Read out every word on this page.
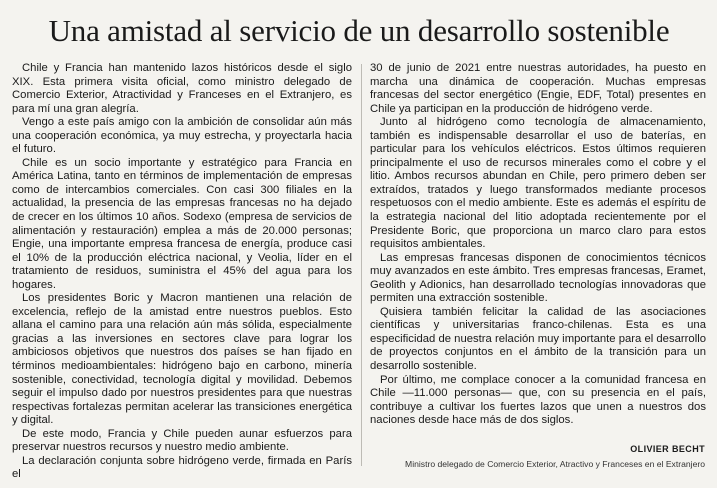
Una amistad al servicio de un desarrollo sostenible

Chile y Francia han mantenido lazos históricos desde el siglo XIX. Esta primera visita oficial, como ministro delegado de Comercio Exterior, Atractividad y Franceses en el Extranjero, es para mí una gran alegría.

Vengo a este país amigo con la ambición de consolidar aún más una cooperación económica, ya muy estrecha, y proyectarla hacia el futuro.

Chile es un socio importante y estratégico para Francia en América Latina, tanto en términos de implementación de empresas como de intercambios comerciales. Con casi 300 filiales en la actualidad, la presencia de las empresas francesas no ha dejado de crecer en los últimos 10 años. Sodexo (empresa de servicios de alimentación y restauración) emplea a más de 20.000 personas; Engie, una importante empresa francesa de energía, produce casi el 10% de la producción eléctrica nacional, y Veolia, líder en el tratamiento de residuos, suministra el 45% del agua para los hogares.

Los presidentes Boric y Macron mantienen una relación de excelencia, reflejo de la amistad entre nuestros pueblos. Esto allana el camino para una relación aún más sólida, especialmente gracias a las inversiones en sectores clave para lograr los ambiciosos objetivos que nuestros dos países se han fijado en términos medioambientales: hidrógeno bajo en carbono, minería sostenible, conectividad, tecnología digital y movilidad. Debemos seguir el impulso dado por nuestros presidentes para que nuestras respectivas fortalezas permitan acelerar las transiciones energética y digital.

De este modo, Francia y Chile pueden aunar esfuerzos para preservar nuestros recursos y nuestro medio ambiente.

La declaración conjunta sobre hidrógeno verde, firmada en París el

30 de junio de 2021 entre nuestras autoridades, ha puesto en marcha una dinámica de cooperación. Muchas empresas francesas del sector energético (Engie, EDF, Total) presentes en Chile ya participan en la producción de hidrógeno verde.

Junto al hidrógeno como tecnología de almacenamiento, también es indispensable desarrollar el uso de baterías, en particular para los vehículos eléctricos. Estos últimos requieren principalmente el uso de recursos minerales como el cobre y el litio. Ambos recursos abundan en Chile, pero primero deben ser extraídos, tratados y luego transformados mediante procesos respetuosos con el medio ambiente. Este es además el espíritu de la estrategia nacional del litio adoptada recientemente por el Presidente Boric, que proporciona un marco claro para estos requisitos ambientales.

Las empresas francesas disponen de conocimientos técnicos muy avanzados en este ámbito. Tres empresas francesas, Eramet, Geolith y Adionics, han desarrollado tecnologías innovadoras que permiten una extracción sostenible.

Quisiera también felicitar la calidad de las asociaciones científicas y universitarias franco-chilenas. Esta es una especificidad de nuestra relación muy importante para el desarrollo de proyectos conjuntos en el ámbito de la transición para un desarrollo sostenible.

Por último, me complace conocer a la comunidad francesa en Chile —11.000 personas— que, con su presencia en el país, contribuye a cultivar los fuertes lazos que unen a nuestros dos naciones desde hace más de dos siglos.

OLIVIER BECHT
Ministro delegado de Comercio Exterior, Atractivo y Franceses en el Extranjero
